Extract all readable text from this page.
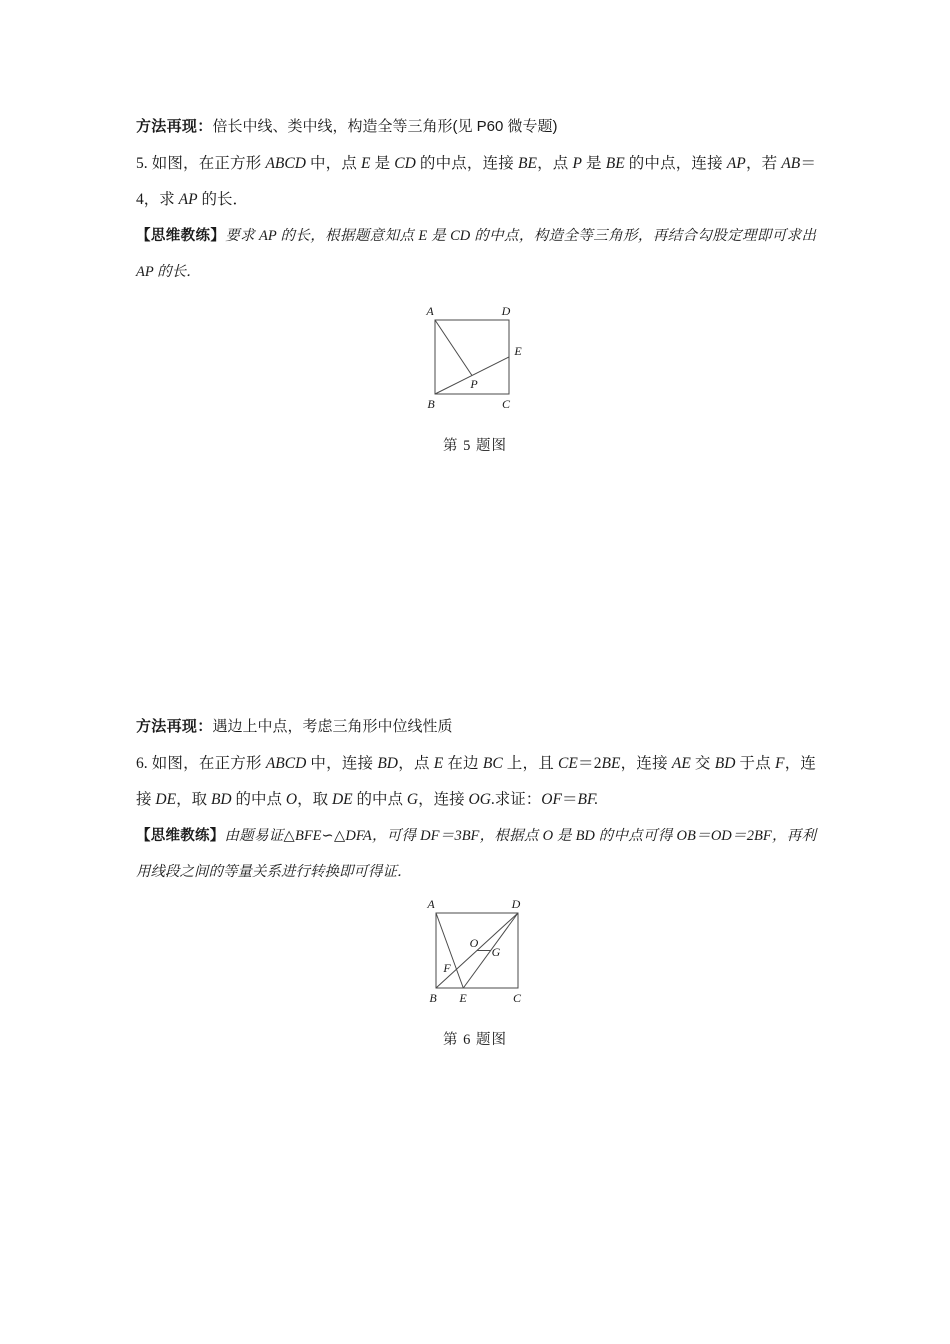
方法再现：倍长中线、类中线，构造全等三角形(见 P60 微专题)

5. 如图，在正方形 ABCD 中，点 E 是 CD 的中点，连接 BE，点 P 是 BE 的中点，连接 AP，若 AB＝4，求 AP 的长．

【思维教练】要求 AP 的长，根据题意知点 E 是 CD 的中点，构造全等三角形，再结合勾股定理即可求出 AP 的长．

A	D
B	C
E
P
第 5 题图

方法再现：遇边上中点，考虑三角形中位线性质

6. 如图，在正方形 ABCD 中，连接 BD，点 E 在边 BC 上，且 CE＝2BE，连接 AE 交 BD 于点 F，连接 DE，取 BD 的中点 O，取 DE 的中点 G，连接 OG.求证：OF＝BF.

【思维教练】由题易证△BFE∽△DFA，可得 DF＝3BF，根据点 O 是 BD 的中点可得 OB＝OD＝2BF，再利用线段之间的等量关系进行转换即可得证．

A	D
B E	C
F
O
G
第 6 题图
